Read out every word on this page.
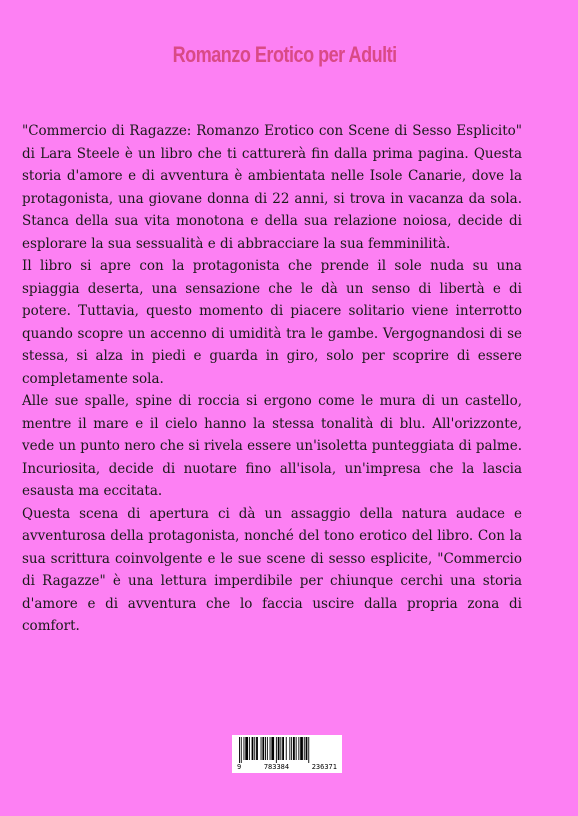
Romanzo Erotico per Adulti

"Commercio di Ragazze: Romanzo Erotico con Scene di Sesso Esplicito" di Lara Steele è un libro che ti catturerà fin dalla prima pagina. Questa storia d'amore e di avventura è ambientata nelle Isole Canarie, dove la protagonista, una giovane donna di 22 anni, si trova in vacanza da sola. Stanca della sua vita monotona e della sua relazione noiosa, decide di esplorare la sua sessualità e di abbracciare la sua femminilità.

Il libro si apre con la protagonista che prende il sole nuda su una spiaggia deserta, una sensazione che le dà un senso di libertà e di potere. Tuttavia, questo momento di piacere solitario viene interrotto quando scopre un accenno di umidità tra le gambe. Vergognandosi di se stessa, si alza in piedi e guarda in giro, solo per scoprire di essere completamente sola.

Alle sue spalle, spine di roccia si ergono come le mura di un castello, mentre il mare e il cielo hanno la stessa tonalità di blu. All'orizzonte, vede un punto nero che si rivela essere un'isoletta punteggiata di palme. Incuriosita, decide di nuotare fino all'isola, un'impresa che la lascia esausta ma eccitata.

Questa scena di apertura ci dà un assaggio della natura audace e avventurosa della protagonista, nonché del tono erotico del libro. Con la sua scrittura coinvolgente e le sue scene di sesso esplicite, "Commercio di Ragazze" è una lettura imperdibile per chiunque cerchi una storia d'amore e di avventura che lo faccia uscire dalla propria zona di comfort.

9	783384	236371
